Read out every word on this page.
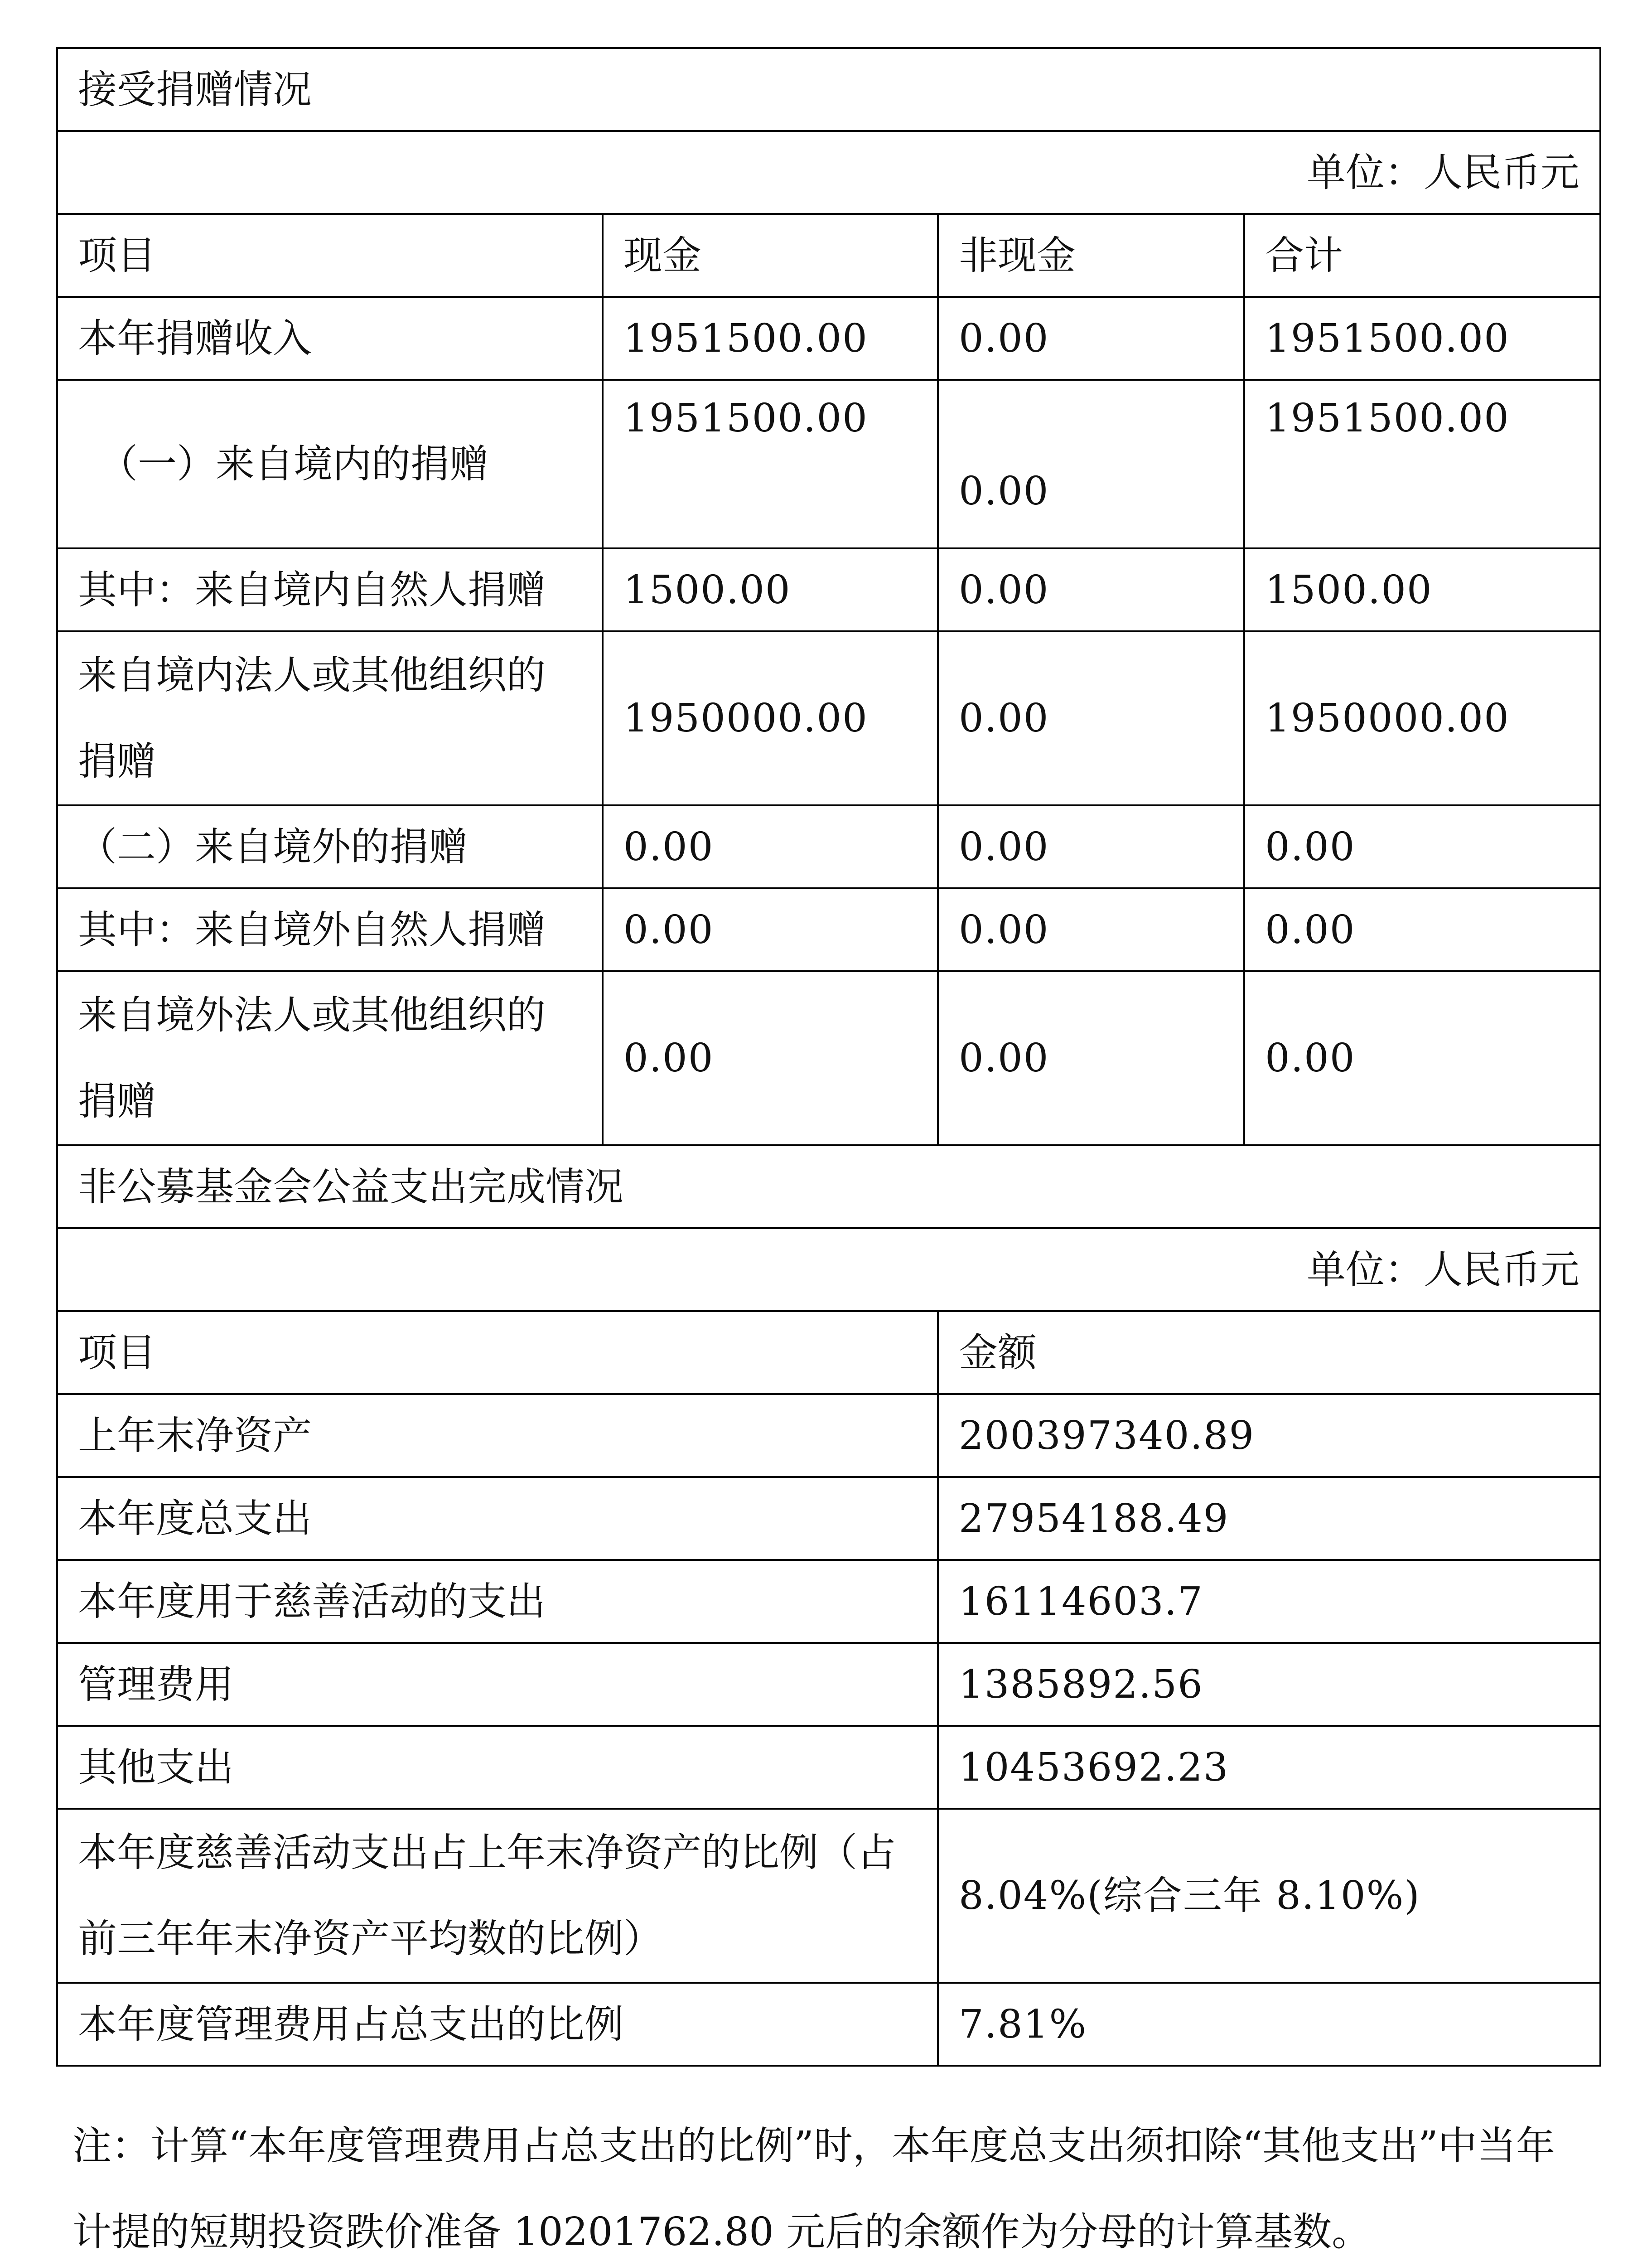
接受捐赠情况			
单位：人民币元			
项目	现金	非现金	合计
本年捐赠收入	1951500.00	0.00	1951500.00
（一）来自境内的捐赠	1951500.00	0.00	1951500.00
其中：来自境内自然人捐赠	1500.00	0.00	1500.00
来自境内法人或其他组织的捐赠	1950000.00	0.00	1950000.00
（二）来自境外的捐赠	0.00	0.00	0.00
其中：来自境外自然人捐赠	0.00	0.00	0.00
来自境外法人或其他组织的捐赠	0.00	0.00	0.00
非公募基金会公益支出完成情况			
单位：人民币元			
项目		金额	
上年末净资产		200397340.89	
本年度总支出		27954188.49	
本年度用于慈善活动的支出		16114603.7	
管理费用		1385892.56	
其他支出		10453692.23	
本年度慈善活动支出占上年末净资产的比例（占前三年年末净资产平均数的比例）		8.04%(综合三年 8.10%)	
本年度管理费用占总支出的比例		7.81%	

注：计算“本年度管理费用占总支出的比例”时，本年度总支出须扣除“其他支出”中当年

计提的短期投资跌价准备 10201762.80 元后的余额作为分母的计算基数。
